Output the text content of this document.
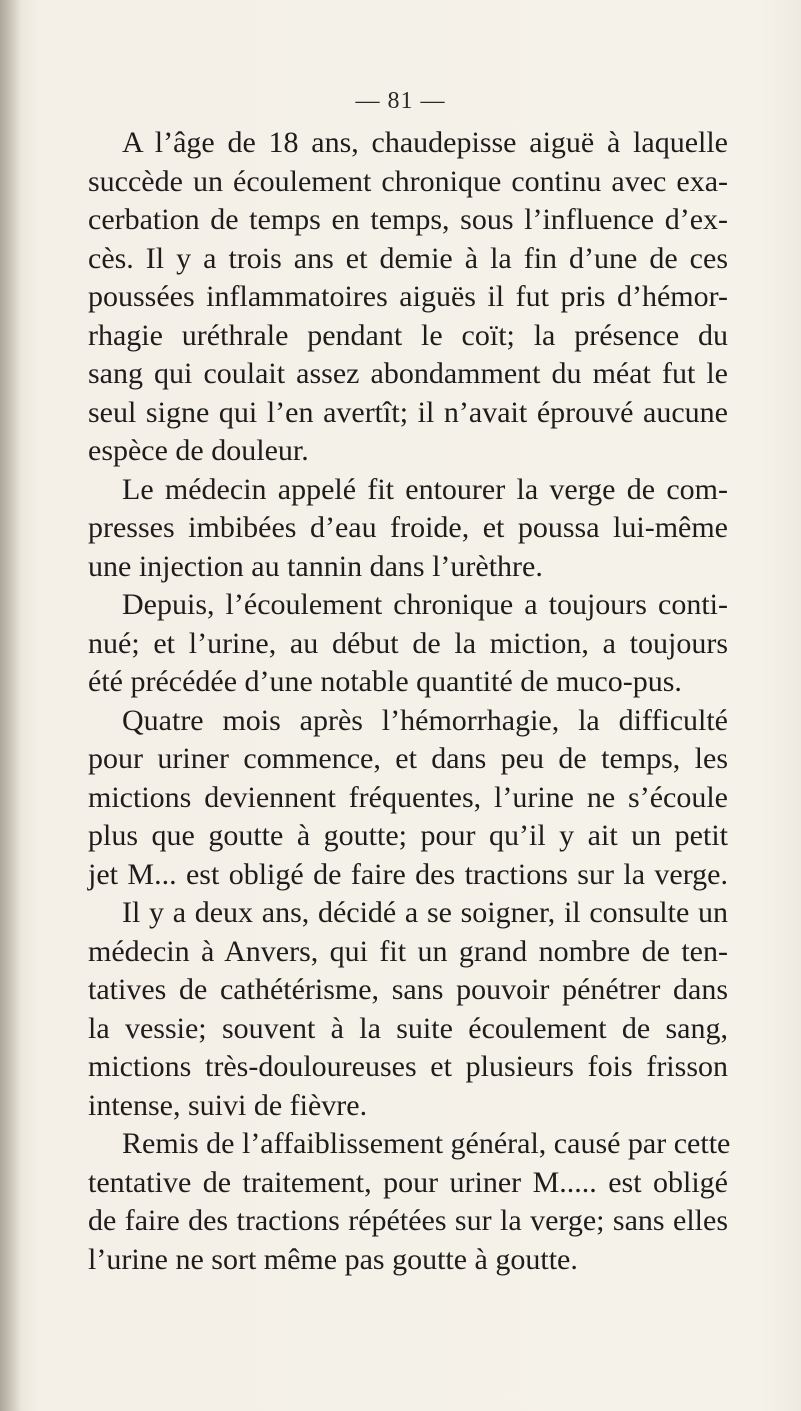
— 81 —
A l’âge de 18 ans, chaudepisse aiguë à laquelle
succède un écoulement chronique continu avec exa-
cerbation de temps en temps, sous l’influence d’ex-
cès. Il y a trois ans et demie à la fin d’une de ces
poussées inflammatoires aiguës il fut pris d’hémor-
rhagie uréthrale pendant le coït; la présence du
sang qui coulait assez abondamment du méat fut le
seul signe qui l’en avertît; il n’avait éprouvé aucune
espèce de douleur.
Le médecin appelé fit entourer la verge de com-
presses imbibées d’eau froide, et poussa lui-même
une injection au tannin dans l’urèthre.
Depuis, l’écoulement chronique a toujours conti-
nué; et l’urine, au début de la miction, a toujours
été précédée d’une notable quantité de muco-pus.
Quatre mois après l’hémorrhagie, la difficulté
pour uriner commence, et dans peu de temps, les
mictions deviennent fréquentes, l’urine ne s’écoule
plus que goutte à goutte; pour qu’il y ait un petit
jet M... est obligé de faire des tractions sur la verge.
Il y a deux ans, décidé a se soigner, il consulte un
médecin à Anvers, qui fit un grand nombre de ten-
tatives de cathétérisme, sans pouvoir pénétrer dans
la vessie; souvent à la suite écoulement de sang,
mictions très-douloureuses et plusieurs fois frisson
intense, suivi de fièvre.
Remis de l’affaiblissement général, causé par cette
tentative de traitement, pour uriner M..... est obligé
de faire des tractions répétées sur la verge; sans elles
l’urine ne sort même pas goutte à goutte.
